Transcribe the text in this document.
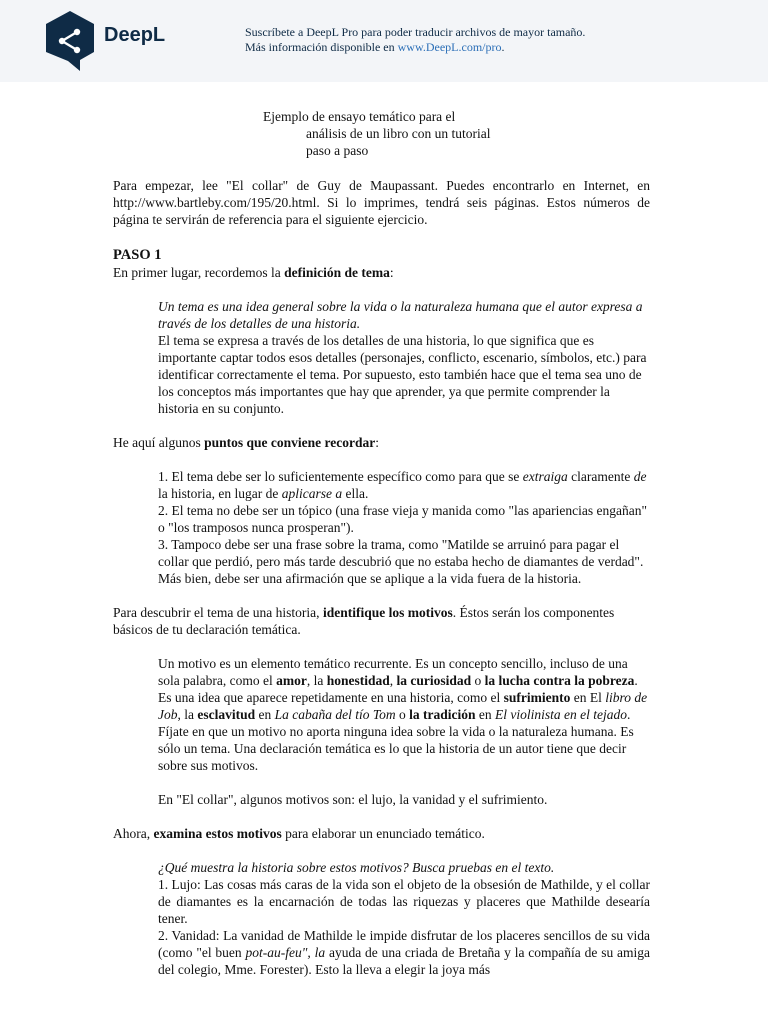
DeepL	Suscríbete a DeepL Pro para poder traducir archivos de mayor tamaño.
Más información disponible en www.DeepL.com/pro.
Ejemplo de ensayo temático para el
análisis de un libro con un tutorial
paso a paso

Para empezar, lee "El collar" de Guy de Maupassant. Puedes encontrarlo en Internet, en http://www.bartleby.com/195/20.html. Si lo imprimes, tendrá seis páginas. Estos números de página te servirán de referencia para el siguiente ejercicio.

PASO 1

En primer lugar, recordemos la definición de tema:

Un tema es una idea general sobre la vida o la naturaleza humana que el autor expresa a través de los detalles de una historia.

El tema se expresa a través de los detalles de una historia, lo que significa que es importante captar todos esos detalles (personajes, conflicto, escenario, símbolos, etc.) para identificar correctamente el tema. Por supuesto, esto también hace que el tema sea uno de los conceptos más importantes que hay que aprender, ya que permite comprender la historia en su conjunto.

He aquí algunos puntos que conviene recordar:

1. El tema debe ser lo suficientemente específico como para que se extraiga claramente de la historia, en lugar de aplicarse a ella.

2. El tema no debe ser un tópico (una frase vieja y manida como "las apariencias engañan" o "los tramposos nunca prosperan").

3. Tampoco debe ser una frase sobre la trama, como "Matilde se arruinó para pagar el collar que perdió, pero más tarde descubrió que no estaba hecho de diamantes de verdad". Más bien, debe ser una afirmación que se aplique a la vida fuera de la historia.

Para descubrir el tema de una historia, identifique los motivos. Éstos serán los componentes básicos de tu declaración temática.

Un motivo es un elemento temático recurrente. Es un concepto sencillo, incluso de una sola palabra, como el amor, la honestidad, la curiosidad o la lucha contra la pobreza. Es una idea que aparece repetidamente en una historia, como el sufrimiento en El libro de Job, la esclavitud en La cabaña del tío Tom o la tradición en El violinista en el tejado. Fíjate en que un motivo no aporta ninguna idea sobre la vida o la naturaleza humana. Es sólo un tema. Una declaración temática es lo que la historia de un autor tiene que decir sobre sus motivos.

En "El collar", algunos motivos son: el lujo, la vanidad y el sufrimiento.

Ahora, examina estos motivos para elaborar un enunciado temático.

¿Qué muestra la historia sobre estos motivos? Busca pruebas en el texto.

1. Lujo: Las cosas más caras de la vida son el objeto de la obsesión de Mathilde, y el collar de diamantes es la encarnación de todas las riquezas y placeres que Mathilde desearía tener.

2. Vanidad: La vanidad de Mathilde le impide disfrutar de los placeres sencillos de su vida (como "el buen pot-au-feu", la ayuda de una criada de Bretaña y la compañía de su amiga del colegio, Mme. Forester). Esto la lleva a elegir la joya más
